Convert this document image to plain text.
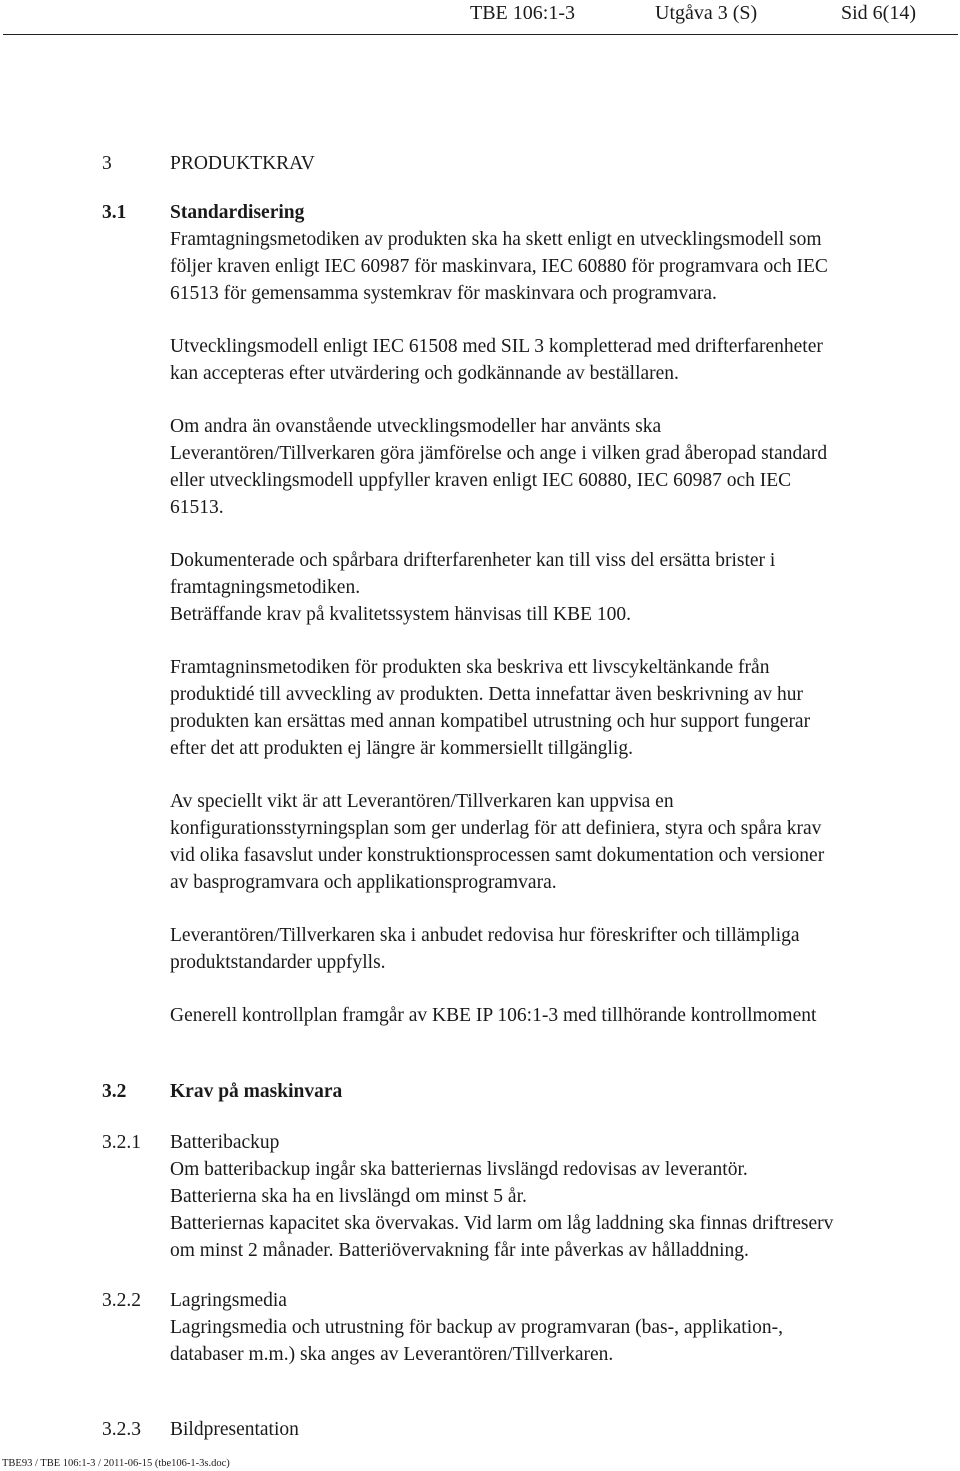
TBE 106:1-3	Utgåva 3 (S)	Sid 6(14)
3	PRODUKTKRAV
3.1 Standardisering
Framtagningsmetodiken av produkten ska ha skett enligt en utvecklingsmodell som
följer kraven enligt IEC 60987 för maskinvara, IEC 60880 för programvara och IEC
61513 för gemensamma systemkrav för maskinvara och programvara.
Utvecklingsmodell enligt IEC 61508 med SIL 3 kompletterad med drifterfarenheter
kan accepteras efter utvärdering och godkännande av beställaren.
Om andra än ovanstående utvecklingsmodeller har använts ska
Leverantören/Tillverkaren göra jämförelse och ange i vilken grad åberopad standard
eller utvecklingsmodell uppfyller kraven enligt IEC 60880, IEC 60987 och IEC
61513.
Dokumenterade och spårbara drifterfarenheter kan till viss del ersätta brister i
framtagningsmetodiken.
Beträffande krav på kvalitetssystem hänvisas till KBE 100.
Framtagninsmetodiken för produkten ska beskriva ett livscykeltänkande från
produktidé till avveckling av produkten. Detta innefattar även beskrivning av hur
produkten kan ersättas med annan kompatibel utrustning och hur support fungerar
efter det att produkten ej längre är kommersiellt tillgänglig.
Av speciellt vikt är att Leverantören/Tillverkaren kan uppvisa en
konfigurationsstyrningsplan som ger underlag för att definiera, styra och spåra krav
vid olika fasavslut under konstruktionsprocessen samt dokumentation och versioner
av basprogramvara och applikationsprogramvara.
Leverantören/Tillverkaren ska i anbudet redovisa hur föreskrifter och tillämpliga
produktstandarder uppfylls.
Generell kontrollplan framgår av KBE IP 106:1-3 med tillhörande kontrollmoment
3.2 Krav på maskinvara
3.2.1 Batteribackup
Om batteribackup ingår ska batteriernas livslängd redovisas av leverantör.
Batterierna ska ha en livslängd om minst 5 år.
Batteriernas kapacitet ska övervakas. Vid larm om låg laddning ska finnas driftreserv
om minst 2 månader. Batteriövervakning får inte påverkas av hålladdning.
3.2.2 Lagringsmedia
Lagringsmedia och utrustning för backup av programvaran (bas-, applikation-,
databaser m.m.) ska anges av Leverantören/Tillverkaren.
3.2.3 Bildpresentation
TBE93 / TBE 106:1-3 / 2011-06-15 (tbe106-1-3s.doc)
